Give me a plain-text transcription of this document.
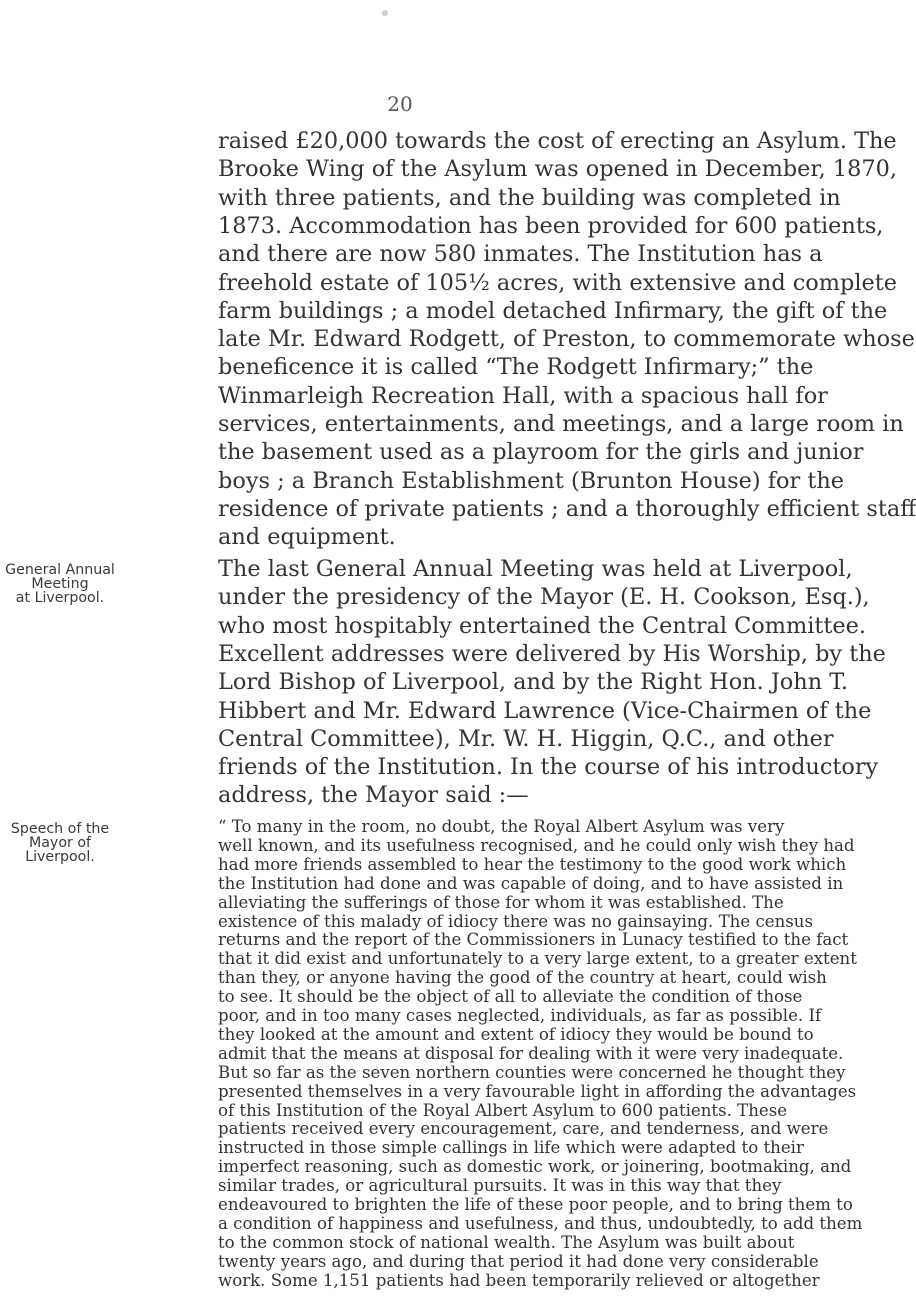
20

raised £20,000 towards the cost of erecting an Asylum. The

Brooke Wing of the Asylum was opened in December, 1870,

with three patients, and the building was completed in

1873. Accommodation has been provided for 600 patients,

and there are now 580 inmates. The Institution has a

freehold estate of 105½ acres, with extensive and complete

farm buildings ; a model detached Infirmary, the gift of the

late Mr. Edward Rodgett, of Preston, to commemorate whose

beneficence it is called “The Rodgett Infirmary;” the

Winmarleigh Recreation Hall, with a spacious hall for

services, entertainments, and meetings, and a large room in

the basement used as a playroom for the girls and junior

boys ; a Branch Establishment (Brunton House) for the

residence of private patients ; and a thoroughly efficient staff

and equipment.

The last General Annual Meeting was held at Liverpool,

under the presidency of the Mayor (E. H. Cookson, Esq.),

who most hospitably entertained the Central Committee.

Excellent addresses were delivered by His Worship, by the

Lord Bishop of Liverpool, and by the Right Hon. John T.

Hibbert and Mr. Edward Lawrence (Vice-Chairmen of the

Central Committee), Mr. W. H. Higgin, Q.C., and other

friends of the Institution. In the course of his introductory

address, the Mayor said :—

“ To many in the room, no doubt, the Royal Albert Asylum was very

well known, and its usefulness recognised, and he could only wish they had

had more friends assembled to hear the testimony to the good work which

the Institution had done and was capable of doing, and to have assisted in

alleviating the sufferings of those for whom it was established. The

existence of this malady of idiocy there was no gainsaying. The census

returns and the report of the Commissioners in Lunacy testified to the fact

that it did exist and unfortunately to a very large extent, to a greater extent

than they, or anyone having the good of the country at heart, could wish

to see. It should be the object of all to alleviate the condition of those

poor, and in too many cases neglected, individuals, as far as possible. If

they looked at the amount and extent of idiocy they would be bound to

admit that the means at disposal for dealing with it were very inadequate.

But so far as the seven northern counties were concerned he thought they

presented themselves in a very favourable light in affording the advantages

of this Institution of the Royal Albert Asylum to 600 patients. These

patients received every encouragement, care, and tenderness, and were

instructed in those simple callings in life which were adapted to their

imperfect reasoning, such as domestic work, or joinering, bootmaking, and

similar trades, or agricultural pursuits. It was in this way that they

endeavoured to brighten the life of these poor people, and to bring them to

a condition of happiness and usefulness, and thus, undoubtedly, to add them

to the common stock of national wealth. The Asylum was built about

twenty years ago, and during that period it had done very considerable

work. Some 1,151 patients had been temporarily relieved or altogether

General Annual
Meeting
at Liverpool.
Speech of the
Mayor of
Liverpool.
